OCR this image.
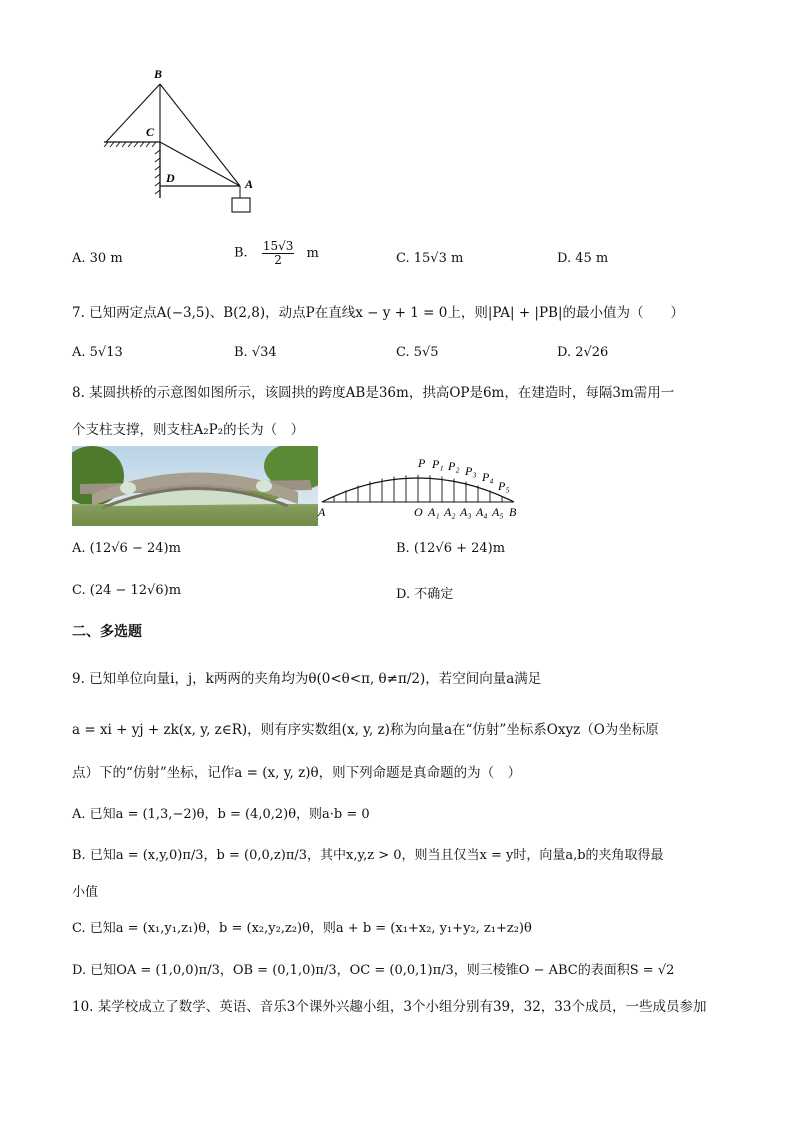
B
C
D	A
A. 30 m	B. $\frac{15√3}{2}$ m	C. 15√3 m	D. 45 m
7. 已知两定点A(−3,5)、B(2,8)，动点P在直线x − y + 1 = 0上，则|PA| + |PB|的最小值为（　　）
A. 5√13	B. √34	C. 5√5	D. 2√26
8. 某圆拱桥的示意图如图所示，该圆拱的跨度AB是36m，拱高OP是6m，在建造时，每隔3m需用一
个支柱支撑，则支柱A₂P₂的长为（　）
P P₁ P₂ P₃ P₄
P₅
A	O A₁ A₂ A₃ A₄ A₅ B
A. (12√6 − 24)m	B. (12√6 + 24)m
C. (24 − 12√6)m	D. 不确定
二、多选题
9. 已知单位向量i，j，k两两的夹角均为θ(0<θ<π, θ≠π/2)，若空间向量a满足
a = xi + yj + zk(x, y, z∈R)，则有序实数组(x, y, z)称为向量a在“仿射”坐标系Oxyz（O为坐标原
点）下的“仿射”坐标，记作a = (x, y, z)θ，则下列命题是真命题的为（　）
A. 已知a = (1,3,−2)θ，b = (4,0,2)θ，则a·b = 0
B. 已知a = (x,y,0)π/3，b = (0,0,z)π/3，其中x,y,z > 0，则当且仅当x = y时，向量a,b的夹角取得最
小值
C. 已知a = (x₁,y₁,z₁)θ，b = (x₂,y₂,z₂)θ，则a + b = (x₁+x₂, y₁+y₂, z₁+z₂)θ
D. 已知OA = (1,0,0)π/3，OB = (0,1,0)π/3，OC = (0,0,1)π/3，则三棱锥O − ABC的表面积S = √2
10. 某学校成立了数学、英语、音乐3个课外兴趣小组，3个小组分别有39，32，33个成员，一些成员参加
